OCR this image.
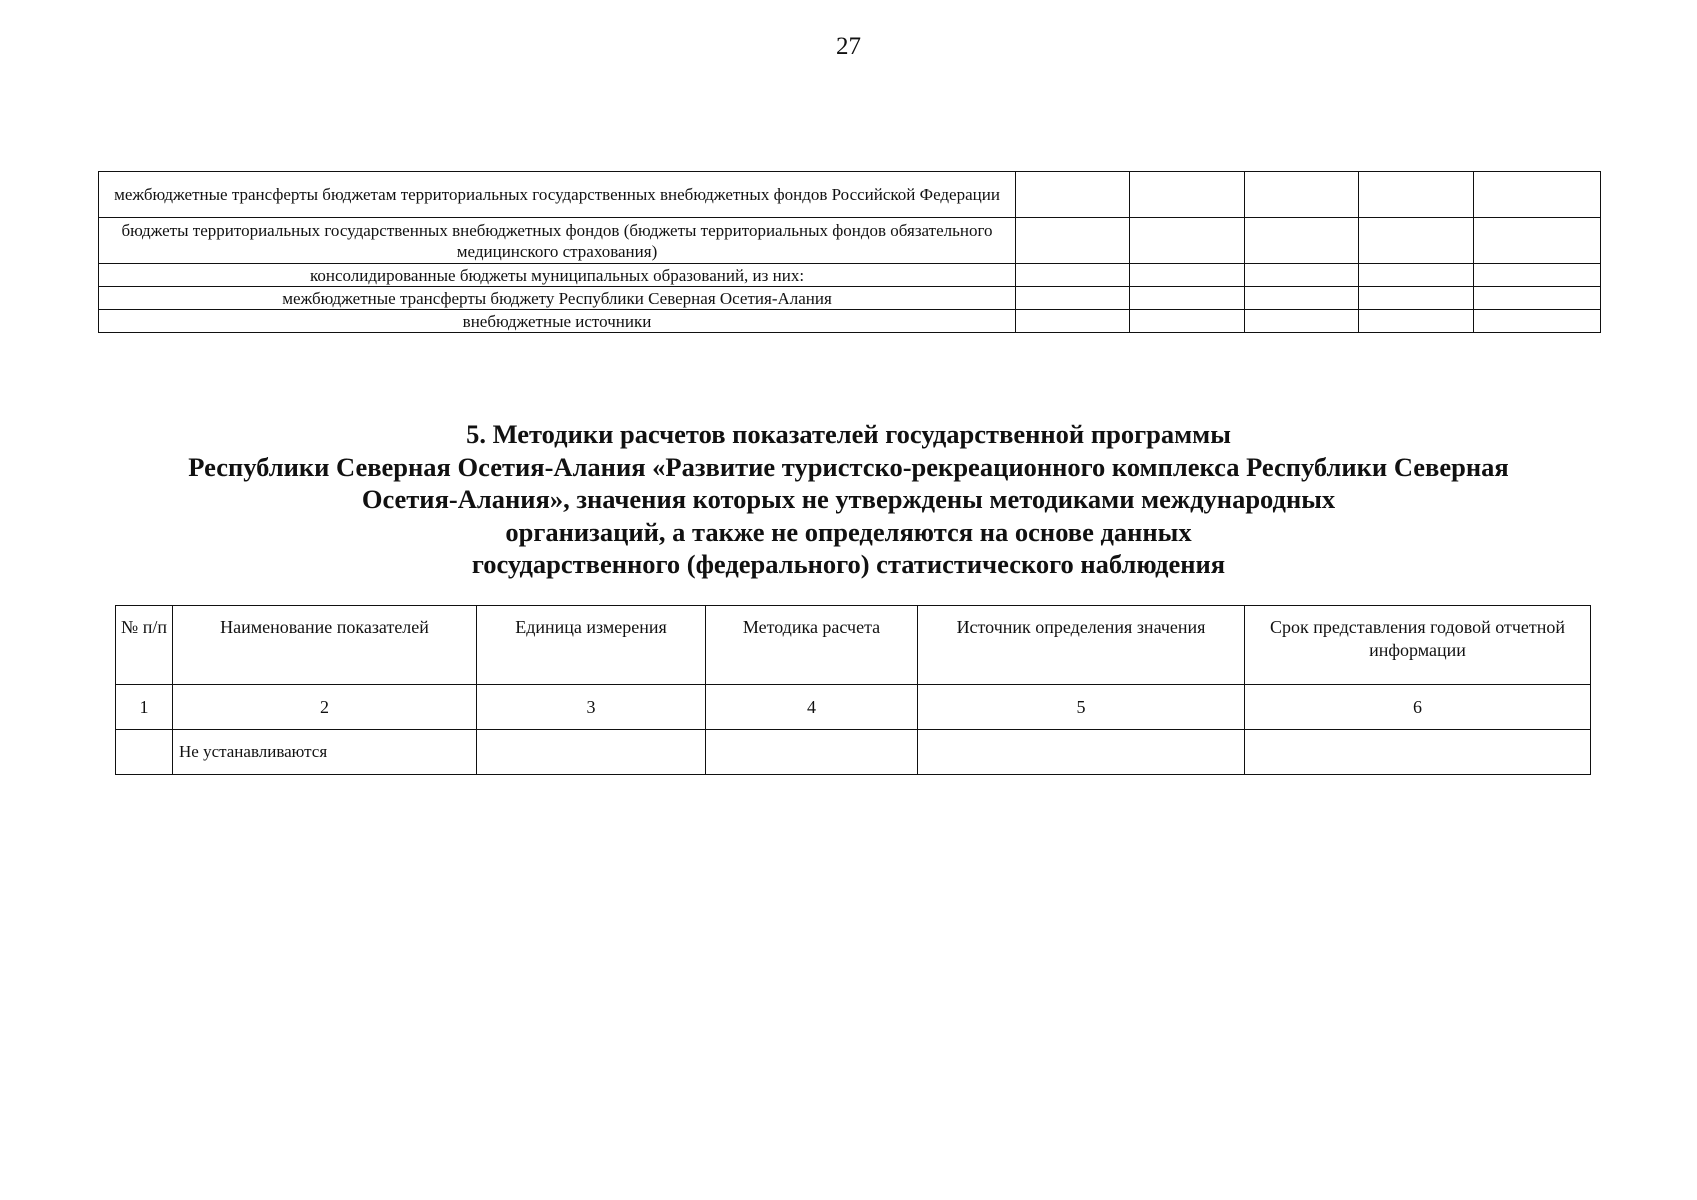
27
межбюджетные трансферты бюджетам территориальных государственных внебюджетных фондов Российской Федерации					
бюджеты территориальных государственных внебюджетных фондов (бюджеты территориальных фондов обязательного медицинского страхования)					
консолидированные бюджеты муниципальных образований, из них:					
межбюджетные трансферты бюджету Республики Северная Осетия-Алания					
внебюджетные источники					
5. Методики расчетов показателей государственной программы
Республики Северная Осетия-Алания «Развитие туристско-рекреационного комплекса Республики Северная
Осетия-Алания», значения которых не утверждены методиками международных
организаций, а также не определяются на основе данных
государственного (федерального) статистического наблюдения
№ п/п	Наименование показателей	Единица измерения	Методика расчета	Источник определения значения	Срок представления годовой отчетной информации
1	2	3	4	5	6
	Не устанавливаются				
